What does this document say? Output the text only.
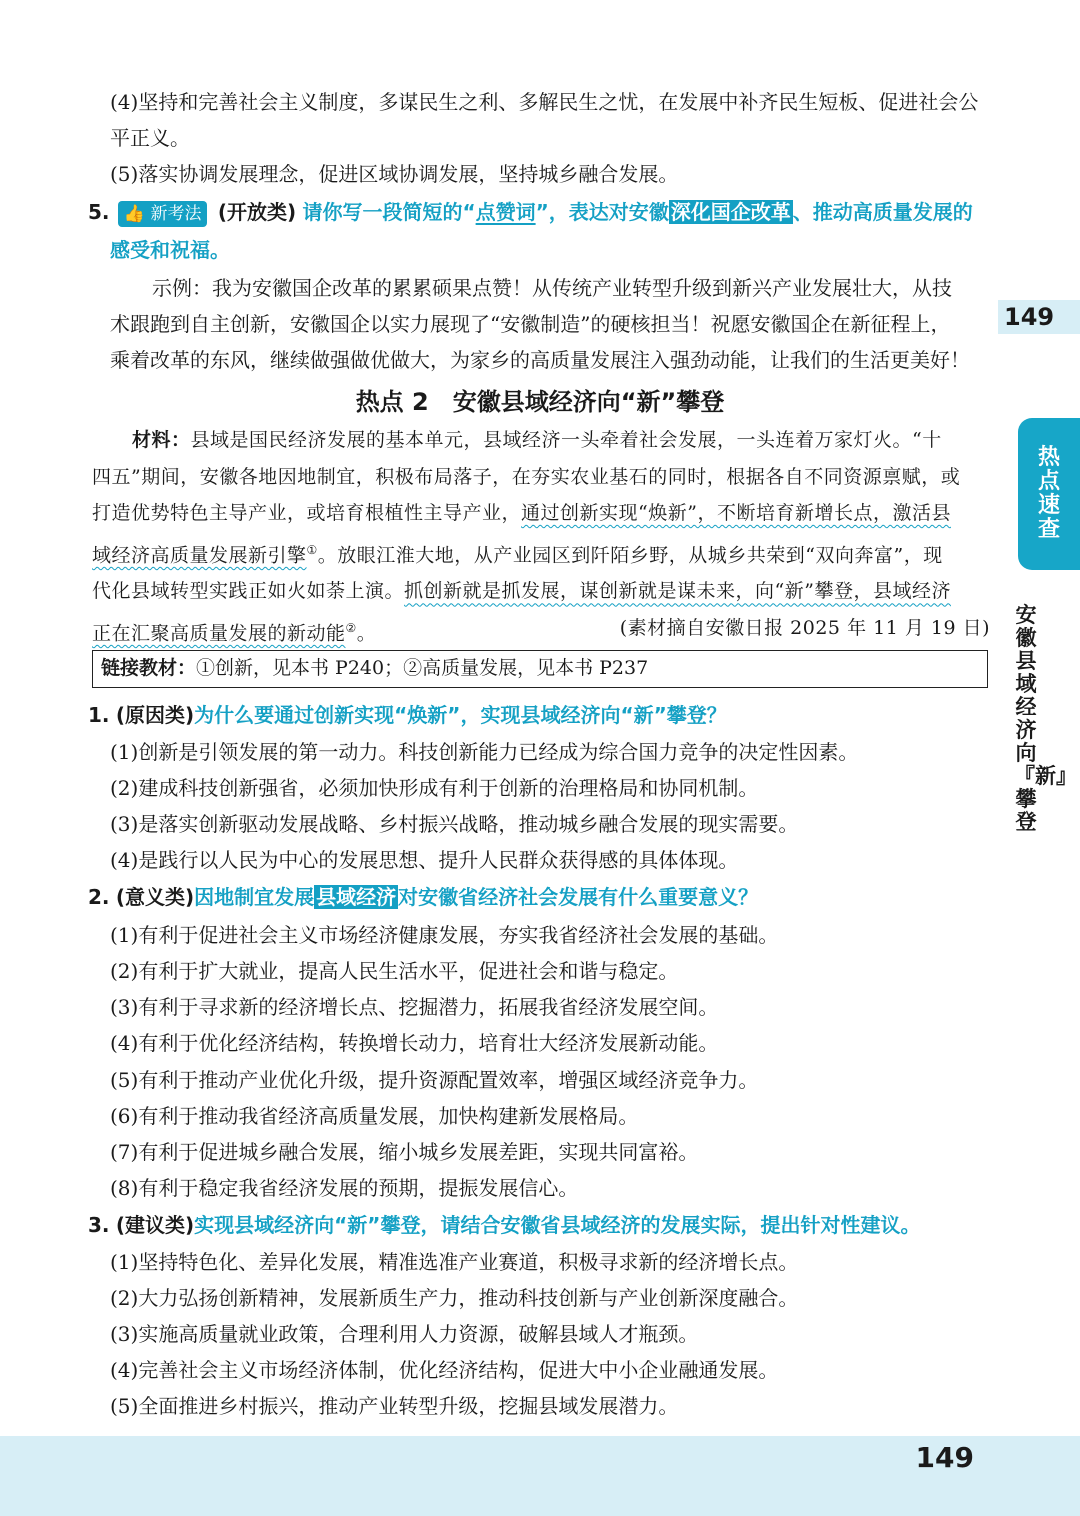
(4)坚持和完善社会主义制度，多谋民生之利、多解民生之忧，在发展中补齐民生短板、促进社会公
平正义。
(5)落实协调发展理念，促进区域协调发展，坚持城乡融合发展。
5. 👍 新考法 (开放类) 请你写一段简短的“点赞词”，表达对安徽 深化国企改革 、推动高质量发展的
感受和祝福。
示例：我为安徽国企改革的累累硕果点赞！从传统产业转型升级到新兴产业发展壮大，从技
术跟跑到自主创新，安徽国企以实力展现了“安徽制造”的硬核担当！祝愿安徽国企在新征程上，
乘着改革的东风，继续做强做优做大，为家乡的高质量发展注入强劲动能，让我们的生活更美好！
149
热点速查
安徽县域经济向『新』攀登
热点 2　安徽县域经济向“新”攀登
材料：县域是国民经济发展的基本单元，县域经济一头牵着社会发展，一头连着万家灯火。“十
四五”期间，安徽各地因地制宜，积极布局落子，在夯实农业基石的同时，根据各自不同资源禀赋，或
打造优势特色主导产业，或培育根植性主导产业，通过创新实现“焕新”，不断培育新增长点，激活县
域经济高质量发展新引擎①。放眼江淮大地，从产业园区到阡陌乡野，从城乡共荣到“双向奔富”，现
代化县域转型实践正如火如荼上演。抓创新就是抓发展，谋创新就是谋未来，向“新”攀登，县域经济
正在汇聚高质量发展的新动能②。	(素材摘自安徽日报 2025 年 11 月 19 日)
链接教材：①创新，见本书 P240；②高质量发展，见本书 P237
1. (原因类)为什么要通过创新实现“焕新”，实现县域经济向“新”攀登？
(1)创新是引领发展的第一动力。科技创新能力已经成为综合国力竞争的决定性因素。
(2)建成科技创新强省，必须加快形成有利于创新的治理格局和协同机制。
(3)是落实创新驱动发展战略、乡村振兴战略，推动城乡融合发展的现实需要。
(4)是践行以人民为中心的发展思想、提升人民群众获得感的具体体现。
2. (意义类)因地制宜发展 县域经济 对安徽省经济社会发展有什么重要意义？
(1)有利于促进社会主义市场经济健康发展，夯实我省经济社会发展的基础。
(2)有利于扩大就业，提高人民生活水平，促进社会和谐与稳定。
(3)有利于寻求新的经济增长点、挖掘潜力，拓展我省经济发展空间。
(4)有利于优化经济结构，转换增长动力，培育壮大经济发展新动能。
(5)有利于推动产业优化升级，提升资源配置效率，增强区域经济竞争力。
(6)有利于推动我省经济高质量发展，加快构建新发展格局。
(7)有利于促进城乡融合发展，缩小城乡发展差距，实现共同富裕。
(8)有利于稳定我省经济发展的预期，提振发展信心。
3. (建议类)实现县域经济向“新”攀登，请结合安徽省县域经济的发展实际，提出针对性建议。
(1)坚持特色化、差异化发展，精准选准产业赛道，积极寻求新的经济增长点。
(2)大力弘扬创新精神，发展新质生产力，推动科技创新与产业创新深度融合。
(3)实施高质量就业政策，合理利用人力资源，破解县域人才瓶颈。
(4)完善社会主义市场经济体制，优化经济结构，促进大中小企业融通发展。
(5)全面推进乡村振兴，推动产业转型升级，挖掘县域发展潜力。
149
